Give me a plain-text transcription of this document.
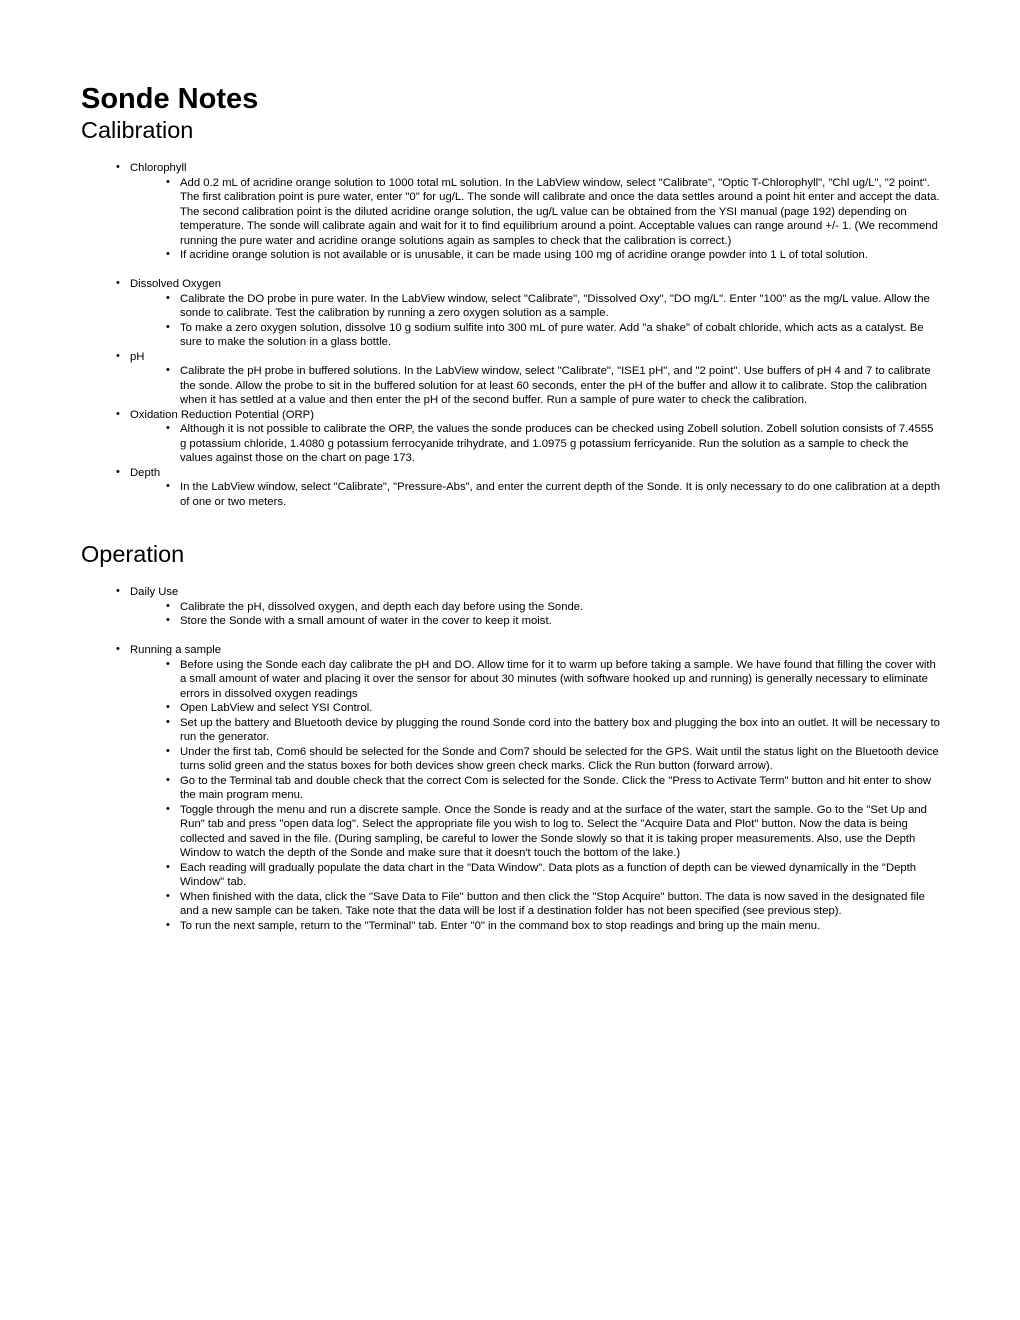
Sonde Notes
Calibration
• Chlorophyll
• Add 0.2 mL of acridine orange solution to 1000 total mL solution. In the LabView window, select "Calibrate", "Optic T-Chlorophyll", "Chl ug/L", "2 point". The first calibration point is pure water, enter "0" for ug/L. The sonde will calibrate and once the data settles around a point hit enter and accept the data. The second calibration point is the diluted acridine orange solution, the ug/L value can be obtained from the YSI manual (page 192) depending on temperature. The sonde will calibrate again and wait for it to find equilibrium around a point. Acceptable values can range around +/- 1. (We recommend running the pure water and acridine orange solutions again as samples to check that the calibration is correct.)
• If acridine orange solution is not available or is unusable, it can be made using 100 mg of acridine orange powder into 1 L of total solution.
• Dissolved Oxygen
• Calibrate the DO probe in pure water. In the LabView window, select "Calibrate", "Dissolved Oxy", "DO mg/L". Enter "100" as the mg/L value. Allow the sonde to calibrate. Test the calibration by running a zero oxygen solution as a sample.
• To make a zero oxygen solution, dissolve 10 g sodium sulfite into 300 mL of pure water. Add "a shake" of cobalt chloride, which acts as a catalyst. Be sure to make the solution in a glass bottle.
• pH
• Calibrate the pH probe in buffered solutions. In the LabView window, select "Calibrate", "ISE1 pH", and "2 point". Use buffers of pH 4 and 7 to calibrate the sonde. Allow the probe to sit in the buffered solution for at least 60 seconds, enter the pH of the buffer and allow it to calibrate. Stop the calibration when it has settled at a value and then enter the pH of the second buffer. Run a sample of pure water to check the calibration.
• Oxidation Reduction Potential (ORP)
• Although it is not possible to calibrate the ORP, the values the sonde produces can be checked using Zobell solution. Zobell solution consists of 7.4555 g potassium chloride, 1.4080 g potassium ferrocyanide trihydrate, and 1.0975 g potassium ferricyanide. Run the solution as a sample to check the values against those on the chart on page 173.
• Depth
• In the LabView window, select "Calibrate", "Pressure-Abs", and enter the current depth of the Sonde. It is only necessary to do one calibration at a depth of one or two meters.
Operation
• Daily Use
• Calibrate the pH, dissolved oxygen, and depth each day before using the Sonde.
• Store the Sonde with a small amount of water in the cover to keep it moist.
• Running a sample
• Before using the Sonde each day calibrate the pH and DO. Allow time for it to warm up before taking a sample. We have found that filling the cover with a small amount of water and placing it over the sensor for about 30 minutes (with software hooked up and running) is generally necessary to eliminate errors in dissolved oxygen readings
• Open LabView and select YSI Control.
• Set up the battery and Bluetooth device by plugging the round Sonde cord into the battery box and plugging the box into an outlet. It will be necessary to run the generator.
• Under the first tab, Com6 should be selected for the Sonde and Com7 should be selected for the GPS. Wait until the status light on the Bluetooth device turns solid green and the status boxes for both devices show green check marks. Click the Run button (forward arrow).
• Go to the Terminal tab and double check that the correct Com is selected for the Sonde. Click the "Press to Activate Term" button and hit enter to show the main program menu.
• Toggle through the menu and run a discrete sample. Once the Sonde is ready and at the surface of the water, start the sample. Go to the "Set Up and Run" tab and press "open data log". Select the appropriate file you wish to log to. Select the "Acquire Data and Plot" button. Now the data is being collected and saved in the file. (During sampling, be careful to lower the Sonde slowly so that it is taking proper measurements. Also, use the Depth Window to watch the depth of the Sonde and make sure that it doesn't touch the bottom of the lake.)
• Each reading will gradually populate the data chart in the "Data Window". Data plots as a function of depth can be viewed dynamically in the "Depth Window" tab.
• When finished with the data, click the "Save Data to File" button and then click the "Stop Acquire" button. The data is now saved in the designated file and a new sample can be taken. Take note that the data will be lost if a destination folder has not been specified (see previous step).
• To run the next sample, return to the "Terminal" tab. Enter "0" in the command box to stop readings and bring up the main menu.
